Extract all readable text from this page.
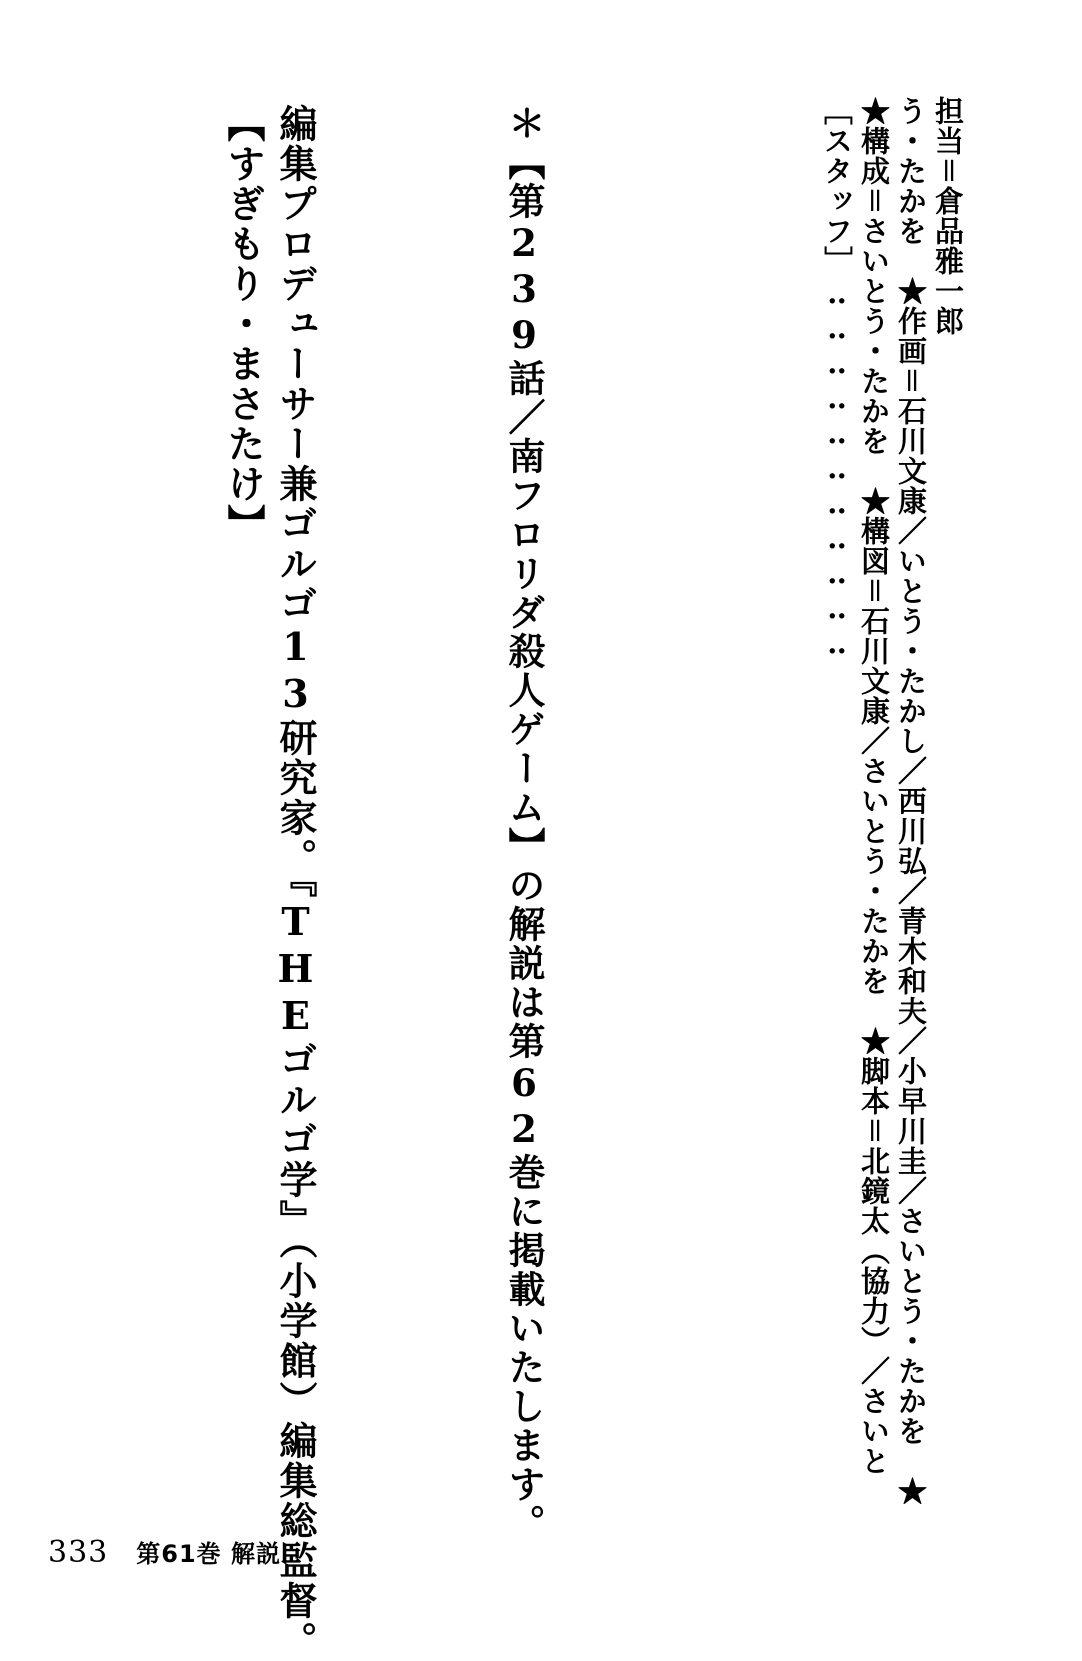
［スタッフ］‥‥‥‥‥‥‥‥‥‥‥ ★構成＝さいとう・たかを　★構図＝石川文康／さいとう・たかを　★脚本＝北鏡太（協力）／さいと う・たかを　★作画＝石川文康／いとう・たかし／西川弘／青木和夫／小早川圭／さいとう・たかを　★ 担当＝倉品雅一郎
＊【第239話／南フロリダ殺人ゲーム】の解説は第62巻に掲載いたします。
【すぎもり・まさたけ】 編集プロデューサー兼ゴルゴ13研究家。『THEゴルゴ学』（小学館）編集総監督。
333 第61巻 解説
